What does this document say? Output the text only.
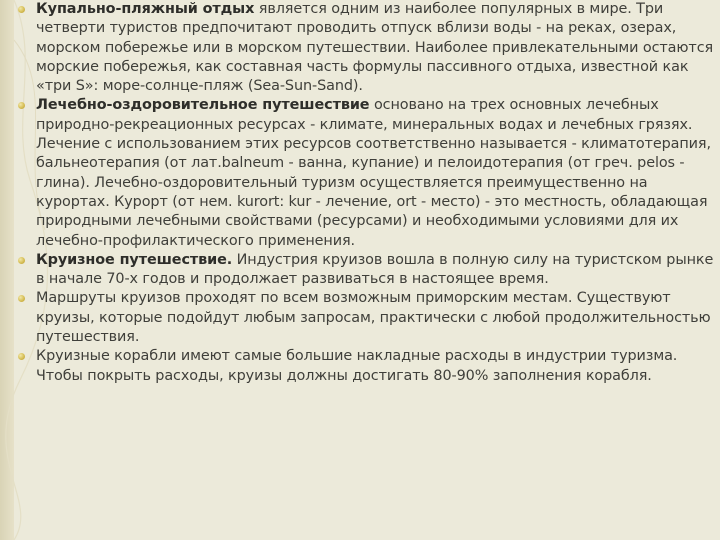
Купально-пляжный отдых является одним из наиболее популярных в мире. Три четверти туристов предпочитают проводить отпуск вблизи воды - на реках, озерах, морском побережье или в морском путешествии. Наиболее привлекательными остаются морские побережья, как составная часть формулы пассивного отдыха, известной как «три S»: море-солнце-пляж (Sea-Sun-Sand).
Лечебно-оздоровительное путешествие основано на трех основных лечебных природно-рекреационных ресурсах - климате, минеральных водах и лечебных грязях. Лечение с использованием этих ресурсов соответственно называется - климатотерапия, бальнеотерапия (от лат.balneum - ванна, купание) и пелоидотерапия (от греч. pelos - глина). Лечебно-оздоровительный туризм осуществляется преимущественно на курортах. Курорт (от нем. kurort: kur - лечение, ort - место) - это местность, обладающая природными лечебными свойствами (ресурсами) и необходимыми условиями для их лечебно-профилактического применения.
Круизное путешествие. Индустрия круизов вошла в полную силу на туристском рынке в начале 70-х годов и продолжает развиваться в настоящее время.
Маршруты круизов проходят по всем возможным приморским местам. Существуют круизы, которые подойдут любым запросам, практически с любой продолжительностью путешествия.
Круизные корабли имеют самые большие накладные расходы в индустрии туризма. Чтобы покрыть расходы, круизы должны достигать 80-90% заполнения корабля.
